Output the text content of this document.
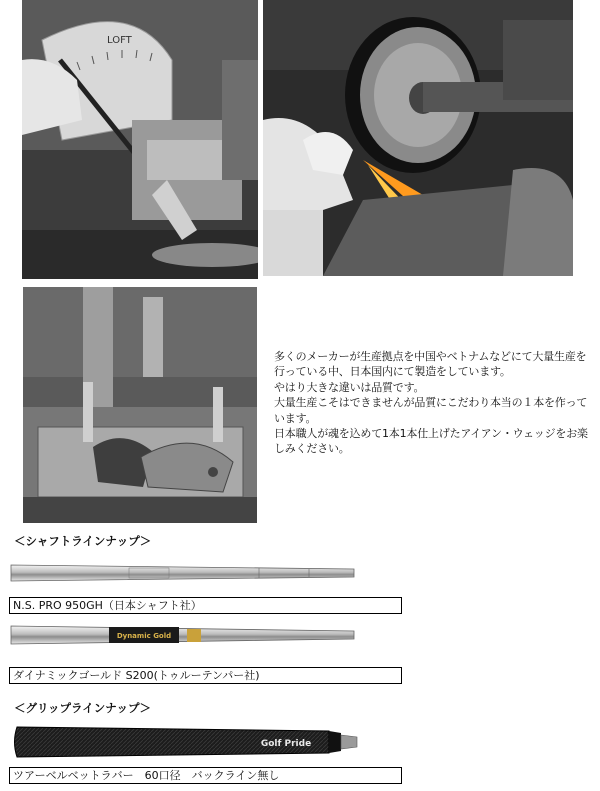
LOFT

多くのメーカーが生産拠点を中国やベトナムなどにて大量生産を行っている中、日本国内にて製造をしています。

やはり大きな違いは品質です。

大量生産こそはできませんが品質にこだわり本当の１本を作っています。

日本職人が魂を込めて1本1本仕上げたアイアン・ウェッジをお楽しみください。

＜シャフトラインナップ＞
N.S. PRO 950GH（日本シャフト社）
Dynamic Gold
ダイナミックゴールド S200(トゥルーテンパー社)
＜グリップラインナップ＞
Golf Pride
ツアーベルベットラバー　60口径　バックライン無し
